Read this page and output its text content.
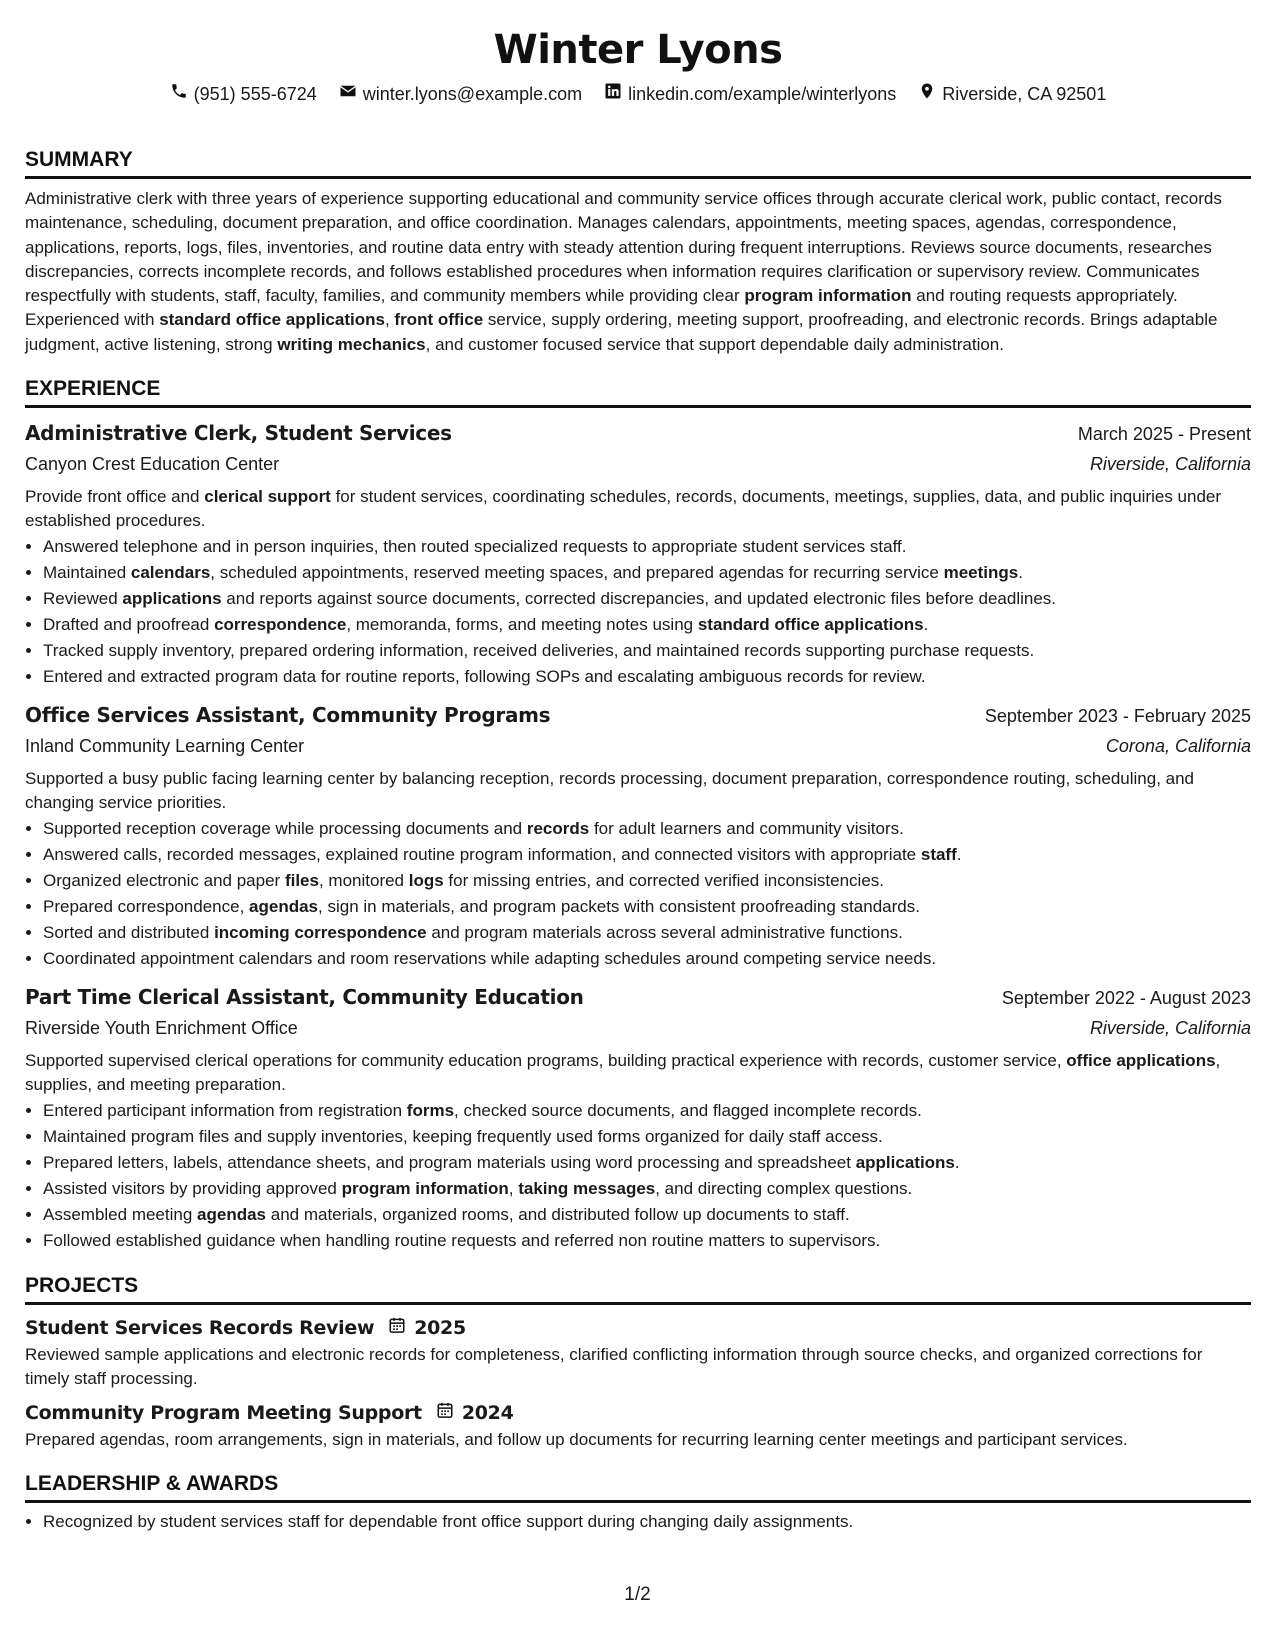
Winter Lyons
(951) 555-6724	winter.lyons@example.com	linkedin.com/example/winterlyons	Riverside, CA 92501
SUMMARY
Administrative clerk with three years of experience supporting educational and community service offices through accurate clerical work, public contact, records maintenance, scheduling, document preparation, and office coordination. Manages calendars, appointments, meeting spaces, agendas, correspondence, applications, reports, logs, files, inventories, and routine data entry with steady attention during frequent interruptions. Reviews source documents, researches discrepancies, corrects incomplete records, and follows established procedures when information requires clarification or supervisory review. Communicates respectfully with students, staff, faculty, families, and community members while providing clear program information and routing requests appropriately. Experienced with standard office applications, front office service, supply ordering, meeting support, proofreading, and electronic records. Brings adaptable judgment, active listening, strong writing mechanics, and customer focused service that support dependable daily administration.
EXPERIENCE
Administrative Clerk, Student Services	March 2025 - Present
Canyon Crest Education Center	Riverside, California
Provide front office and clerical support for student services, coordinating schedules, records, documents, meetings, supplies, data, and public inquiries under established procedures.
• Answered telephone and in person inquiries, then routed specialized requests to appropriate student services staff.
• Maintained calendars, scheduled appointments, reserved meeting spaces, and prepared agendas for recurring service meetings.
• Reviewed applications and reports against source documents, corrected discrepancies, and updated electronic files before deadlines.
• Drafted and proofread correspondence, memoranda, forms, and meeting notes using standard office applications.
• Tracked supply inventory, prepared ordering information, received deliveries, and maintained records supporting purchase requests.
• Entered and extracted program data for routine reports, following SOPs and escalating ambiguous records for review.
Office Services Assistant, Community Programs	September 2023 - February 2025
Inland Community Learning Center	Corona, California
Supported a busy public facing learning center by balancing reception, records processing, document preparation, correspondence routing, scheduling, and changing service priorities.
• Supported reception coverage while processing documents and records for adult learners and community visitors.
• Answered calls, recorded messages, explained routine program information, and connected visitors with appropriate staff.
• Organized electronic and paper files, monitored logs for missing entries, and corrected verified inconsistencies.
• Prepared correspondence, agendas, sign in materials, and program packets with consistent proofreading standards.
• Sorted and distributed incoming correspondence and program materials across several administrative functions.
• Coordinated appointment calendars and room reservations while adapting schedules around competing service needs.
Part Time Clerical Assistant, Community Education	September 2022 - August 2023
Riverside Youth Enrichment Office	Riverside, California
Supported supervised clerical operations for community education programs, building practical experience with records, customer service, office applications, supplies, and meeting preparation.
• Entered participant information from registration forms, checked source documents, and flagged incomplete records.
• Maintained program files and supply inventories, keeping frequently used forms organized for daily staff access.
• Prepared letters, labels, attendance sheets, and program materials using word processing and spreadsheet applications.
• Assisted visitors by providing approved program information, taking messages, and directing complex questions.
• Assembled meeting agendas and materials, organized rooms, and distributed follow up documents to staff.
• Followed established guidance when handling routine requests and referred non routine matters to supervisors.
PROJECTS
Student Services Records Review 2025
Reviewed sample applications and electronic records for completeness, clarified conflicting information through source checks, and organized corrections for timely staff processing.
Community Program Meeting Support 2024
Prepared agendas, room arrangements, sign in materials, and follow up documents for recurring learning center meetings and participant services.
LEADERSHIP & AWARDS
• Recognized by student services staff for dependable front office support during changing daily assignments.
1/2
